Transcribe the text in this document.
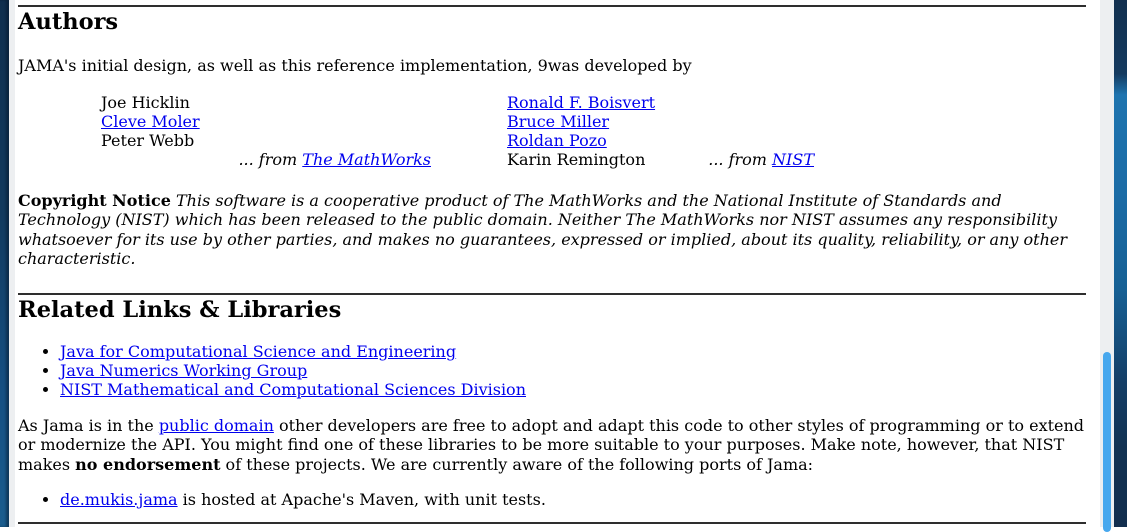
Authors

JAMA's initial design, as well as this reference implementation, 9was developed by

Joe Hicklin
Cleve Moler
Peter Webb
... from The MathWorks
Ronald F. Boisvert
Bruce Miller
Roldan Pozo
Karin Remington	... from NIST

Copyright Notice This software is a cooperative product of The MathWorks and the National Institute of Standards and Technology (NIST) which has been released to the public domain. Neither The MathWorks nor NIST assumes any responsibility whatsoever for its use by other parties, and makes no guarantees, expressed or implied, about its quality, reliability, or any other characteristic.

Related Links & Libraries
• Java for Computational Science and Engineering
• Java Numerics Working Group
• NIST Mathematical and Computational Sciences Division

As Jama is in the public domain other developers are free to adopt and adapt this code to other styles of programming or to extend or modernize the API. You might find one of these libraries to be more suitable to your purposes. Make note, however, that NIST makes no endorsement of these projects. We are currently aware of the following ports of Jama:

• de.mukis.jama is hosted at Apache's Maven, with unit tests.
